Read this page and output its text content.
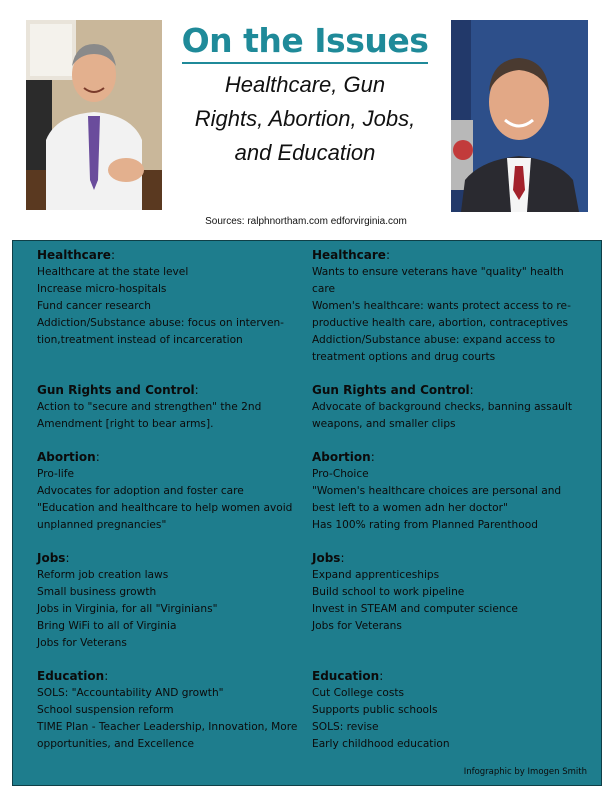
On the Issues
Healthcare, Gun
Rights, Abortion, Jobs,
and Education
Sources: ralphnortham.com edforvirginia.com
Healthcare:
Healthcare at the state level
Increase micro-hospitals
Fund cancer research
Addiction/Substance abuse: focus on interven-
tion,treatment instead of incarceration
Gun Rights and Control:
Action to "secure and strengthen" the 2nd
Amendment [right to bear arms].
Abortion:
Pro-life
Advocates for adoption and foster care
"Education and healthcare to help women avoid
unplanned pregnancies"
Jobs:
Reform job creation laws
Small business growth
Jobs in Virginia, for all "Virginians"
Bring WiFi to all of Virginia
Jobs for Veterans
Education:
SOLS: "Accountability AND growth"
School suspension reform
TIME Plan - Teacher Leadership, Innovation, More
opportunities, and Excellence
Healthcare:
Wants to ensure veterans have "quality" health
care
Women's healthcare: wants protect access to re-
productive health care, abortion, contraceptives
Addiction/Substance abuse: expand access to
treatment options and drug courts
Gun Rights and Control:
Advocate of background checks, banning assault
weapons, and smaller clips
Abortion:
Pro-Choice
"Women's healthcare choices are personal and
best left to a women adn her doctor"
Has 100% rating from Planned Parenthood
Jobs:
Expand apprenticeships
Build school to work pipeline
Invest in STEAM and computer science
Jobs for Veterans
Education:
Cut College costs
Supports public schools
SOLS: revise
Early childhood education
Infographic by Imogen Smith
